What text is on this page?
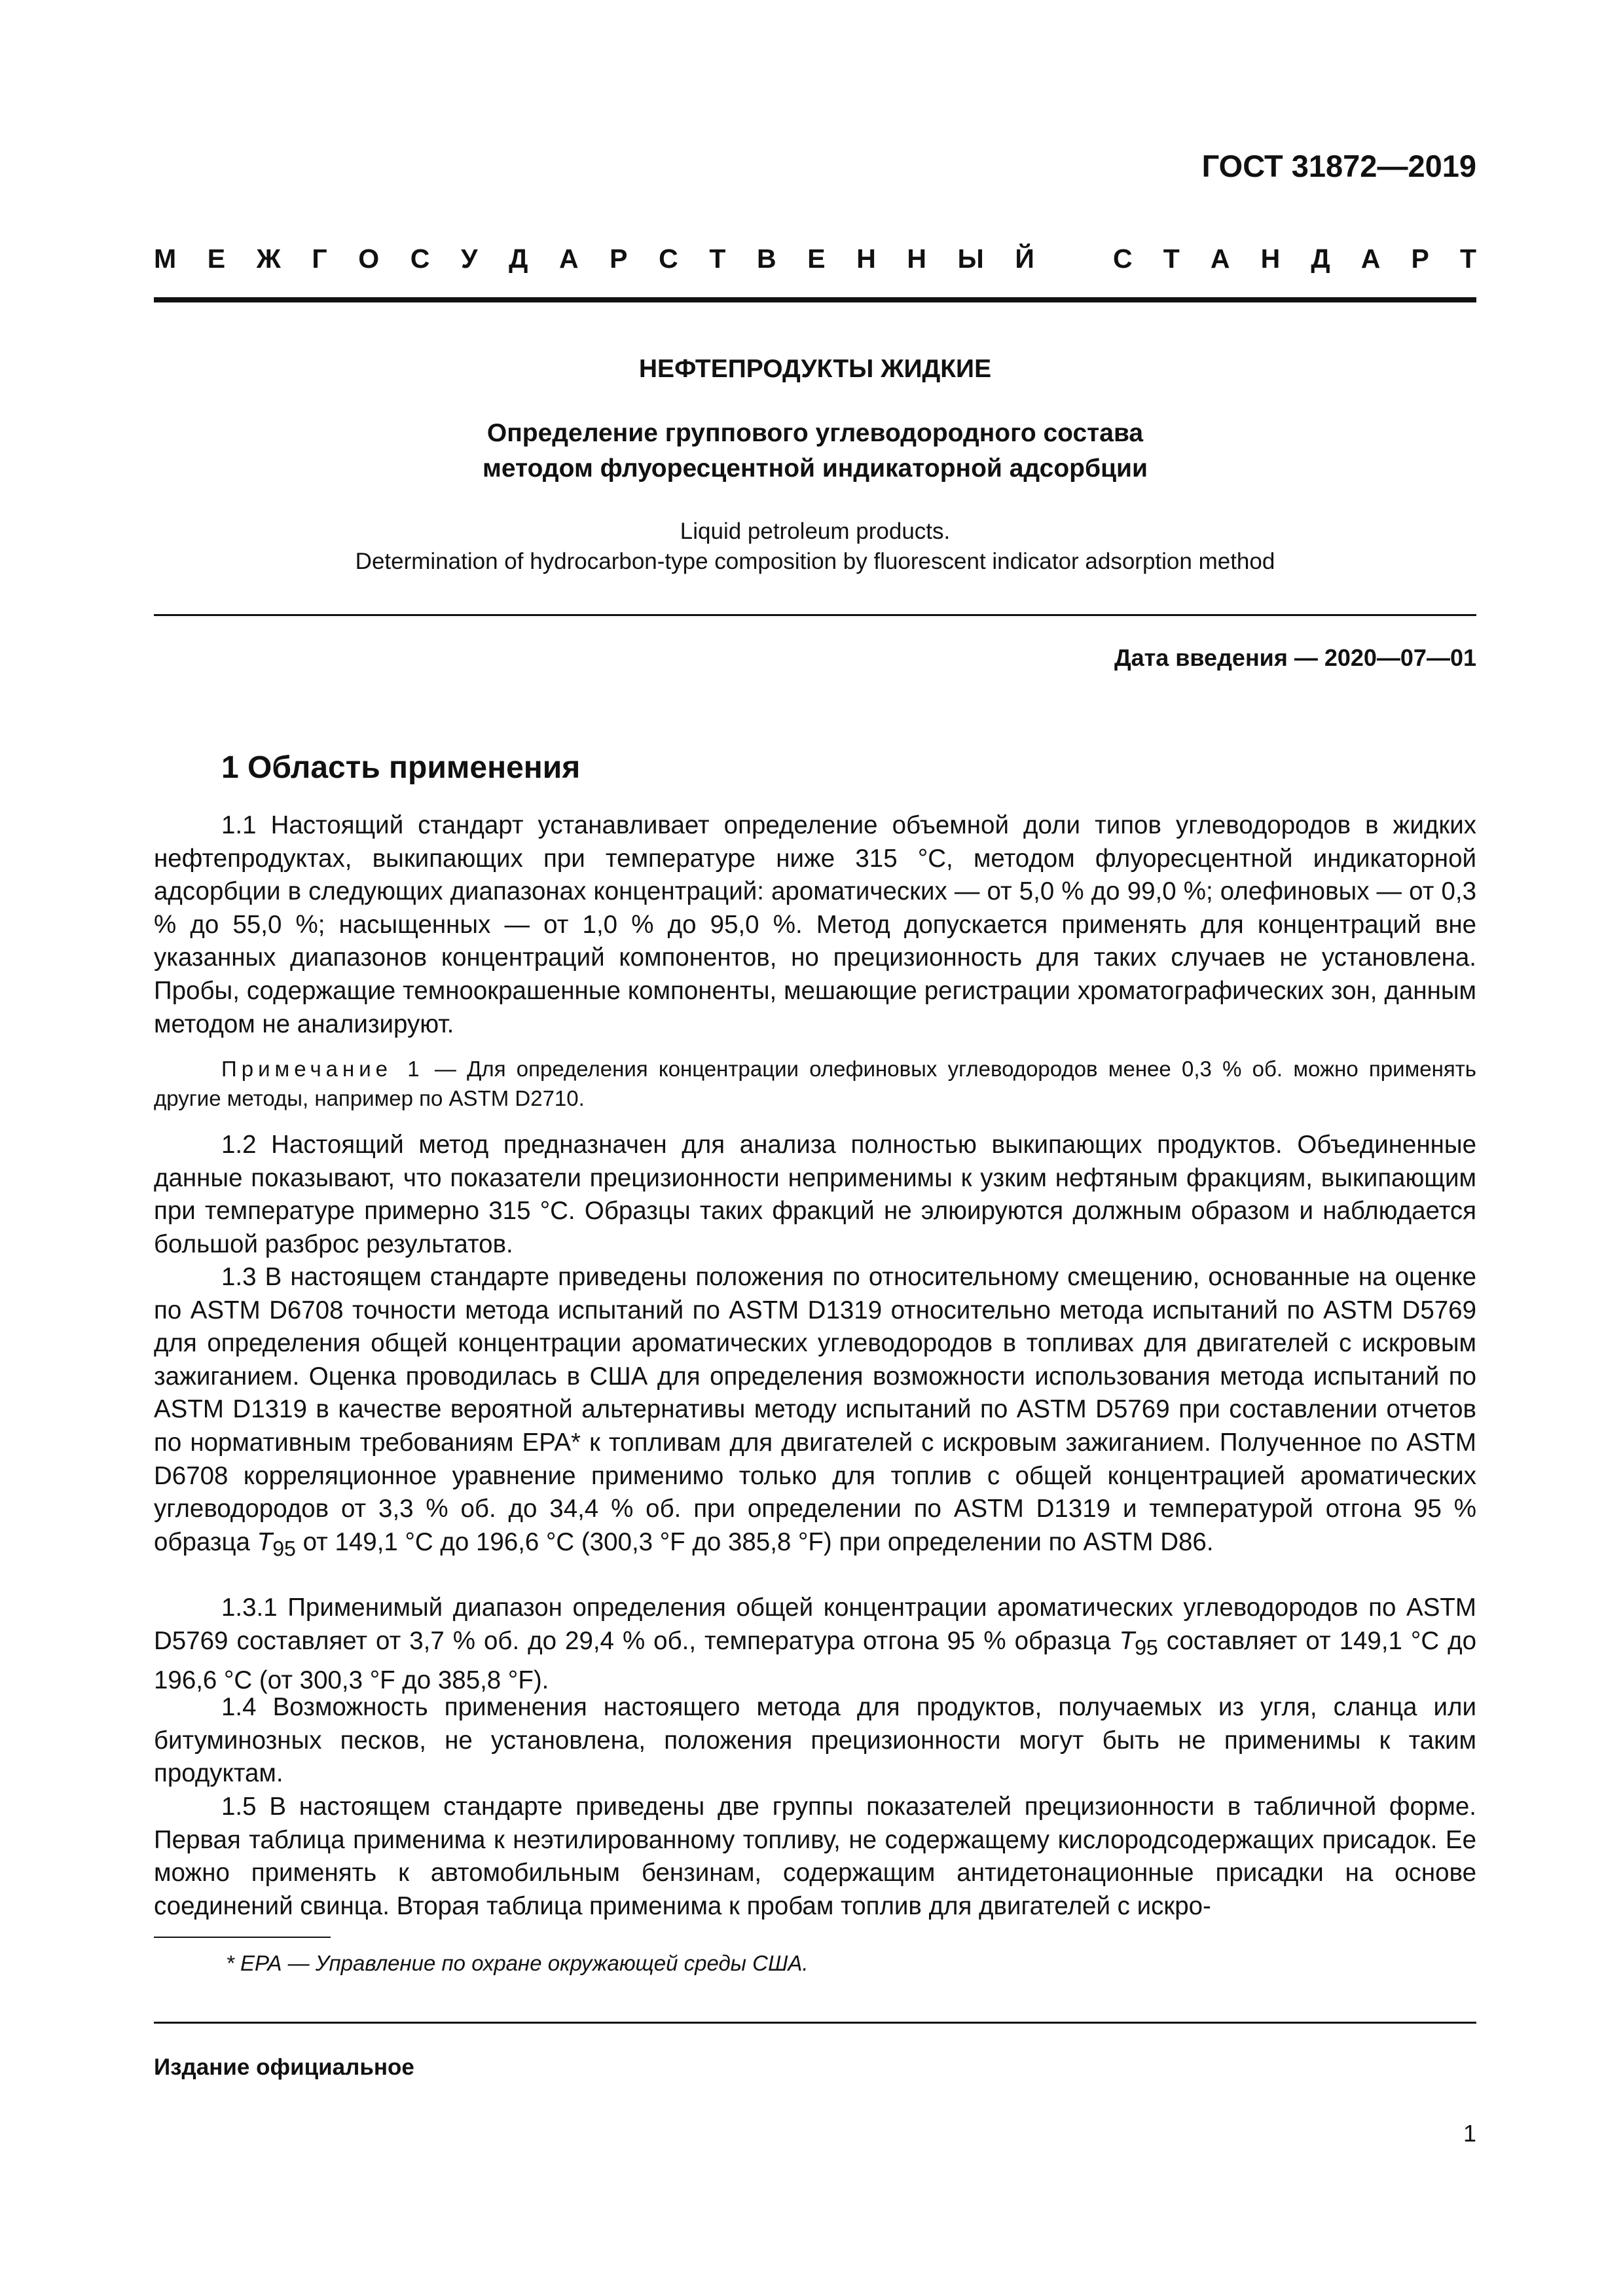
ГОСТ 31872—2019
М Е Ж Г О С У Д А Р С Т В Е Н Н Ы Й	С Т А Н Д А Р Т
НЕФТЕПРОДУКТЫ ЖИДКИЕ
Определение группового углеводородного состава
методом флуоресцентной индикаторной адсорбции
Liquid petroleum products.
Determination of hydrocarbon-type composition by fluorescent indicator adsorption method
Дата введения — 2020—07—01
1 Область применения

1.1 Настоящий стандарт устанавливает определение объемной доли типов углеводородов в жидких нефтепродуктах, выкипающих при температуре ниже 315 °С, методом флуоресцентной индикаторной адсорбции в следующих диапазонах концентраций: ароматических — от 5,0 % до 99,0 %; олефиновых — от 0,3 % до 55,0 %; насыщенных — от 1,0 % до 95,0 %. Метод допускается применять для концентраций вне указанных диапазонов концентраций компонентов, но прецизионность для таких случаев не установлена. Пробы, содержащие темноокрашенные компоненты, мешающие регистрации хроматографических зон, данным методом не анализируют.

Примечание 1 — Для определения концентрации олефиновых углеводородов менее 0,3 % об. можно применять другие методы, например по ASTM D2710.

1.2 Настоящий метод предназначен для анализа полностью выкипающих продуктов. Объединенные данные показывают, что показатели прецизионности неприменимы к узким нефтяным фракциям, выкипающим при температуре примерно 315 °С. Образцы таких фракций не элюируются должным образом и наблюдается большой разброс результатов.

1.3 В настоящем стандарте приведены положения по относительному смещению, основанные на оценке по ASTM D6708 точности метода испытаний по ASTM D1319 относительно метода испытаний по ASTM D5769 для определения общей концентрации ароматических углеводородов в топливах для двигателей с искровым зажиганием. Оценка проводилась в США для определения возможности использования метода испытаний по ASTM D1319 в качестве вероятной альтернативы методу испытаний по ASTM D5769 при составлении отчетов по нормативным требованиям ЕРА* к топливам для двигателей с искровым зажиганием. Полученное по ASTM D6708 корреляционное уравнение применимо только для топлив с общей концентрацией ароматических углеводородов от 3,3 % об. до 34,4 % об. при определении по ASTM D1319 и температурой отгона 95 % образца $T_{95}$ от 149,1 °С до 196,6 °С (300,3 °F до 385,8 °F) при определении по ASTM D86.

1.3.1 Применимый диапазон определения общей концентрации ароматических углеводородов по ASTM D5769 составляет от 3,7 % об. до 29,4 % об., температура отгона 95 % образца $T_{95}$ составляет от 149,1 °С до 196,6 °С (от 300,3 °F до 385,8 °F).

1.4 Возможность применения настоящего метода для продуктов, получаемых из угля, сланца или битуминозных песков, не установлена, положения прецизионности могут быть не применимы к таким продуктам.

1.5 В настоящем стандарте приведены две группы показателей прецизионности в табличной форме. Первая таблица применима к неэтилированному топливу, не содержащему кислородсодержащих присадок. Ее можно применять к автомобильным бензинам, содержащим антидетонационные присадки на основе соединений свинца. Вторая таблица применима к пробам топлив для двигателей с искро-

* ЕРА — Управление по охране окружающей среды США.
Издание официальное
1
